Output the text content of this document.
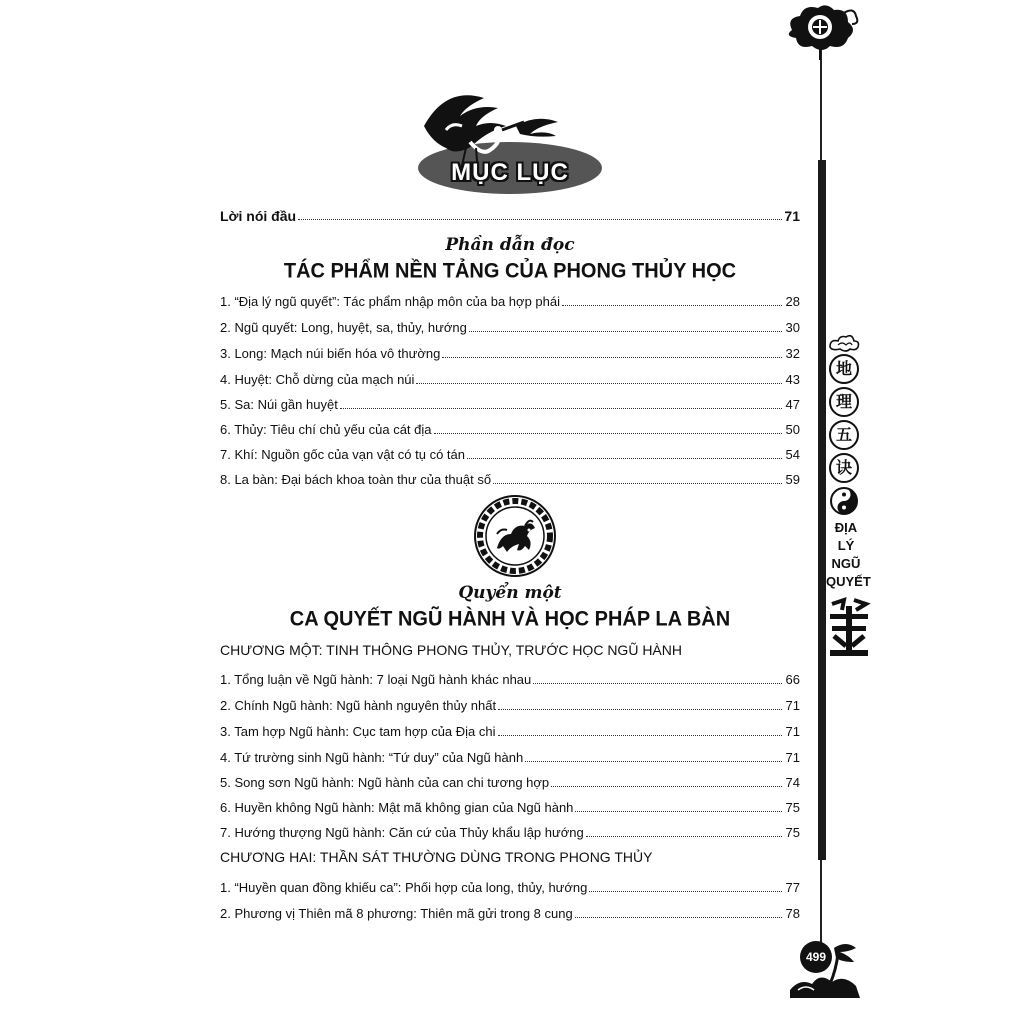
地
理
五
诀
ĐỊA
LÝ
NGŨ
QUYẾT
499
MỤC LỤC
Lời nói đầu	71
Phần dẫn đọc
TÁC PHẨM NỀN TẢNG CỦA PHONG THỦY HỌC
1. “Địa lý ngũ quyết”: Tác phẩm nhập môn của ba hợp phái	28
2. Ngũ quyết: Long, huyệt, sa, thủy, hướng	30
3. Long: Mạch núi biến hóa vô thường	32
4. Huyệt: Chỗ dừng của mạch núi	43
5. Sa: Núi gần huyệt	47
6. Thủy: Tiêu chí chủ yếu của cát địa	50
7. Khí: Nguồn gốc của vạn vật có tụ có tán	54
8. La bàn: Đại bách khoa toàn thư của thuật số	59
Quyển một
CA QUYẾT NGŨ HÀNH VÀ HỌC PHÁP LA BÀN
CHƯƠNG MỘT: TINH THÔNG PHONG THỦY, TRƯỚC HỌC NGŨ HÀNH
1. Tổng luận về Ngũ hành: 7 loại Ngũ hành khác nhau	66
2. Chính Ngũ hành: Ngũ hành nguyên thủy nhất	71
3. Tam hợp Ngũ hành: Cục tam hợp của Địa chi	71
4. Tứ trường sinh Ngũ hành: “Tứ duy” của Ngũ hành	71
5. Song sơn Ngũ hành: Ngũ hành của can chi tương hợp	74
6. Huyền không Ngũ hành: Mật mã không gian của Ngũ hành	75
7. Hướng thượng Ngũ hành: Căn cứ của Thủy khẩu lập hướng	75
CHƯƠNG HAI: THẦN SÁT THƯỜNG DÙNG TRONG PHONG THỦY
1. “Huyền quan đồng khiếu ca”: Phối hợp của long, thủy, hướng	77
2. Phương vị Thiên mã 8 phương: Thiên mã gửi trong 8 cung	78
